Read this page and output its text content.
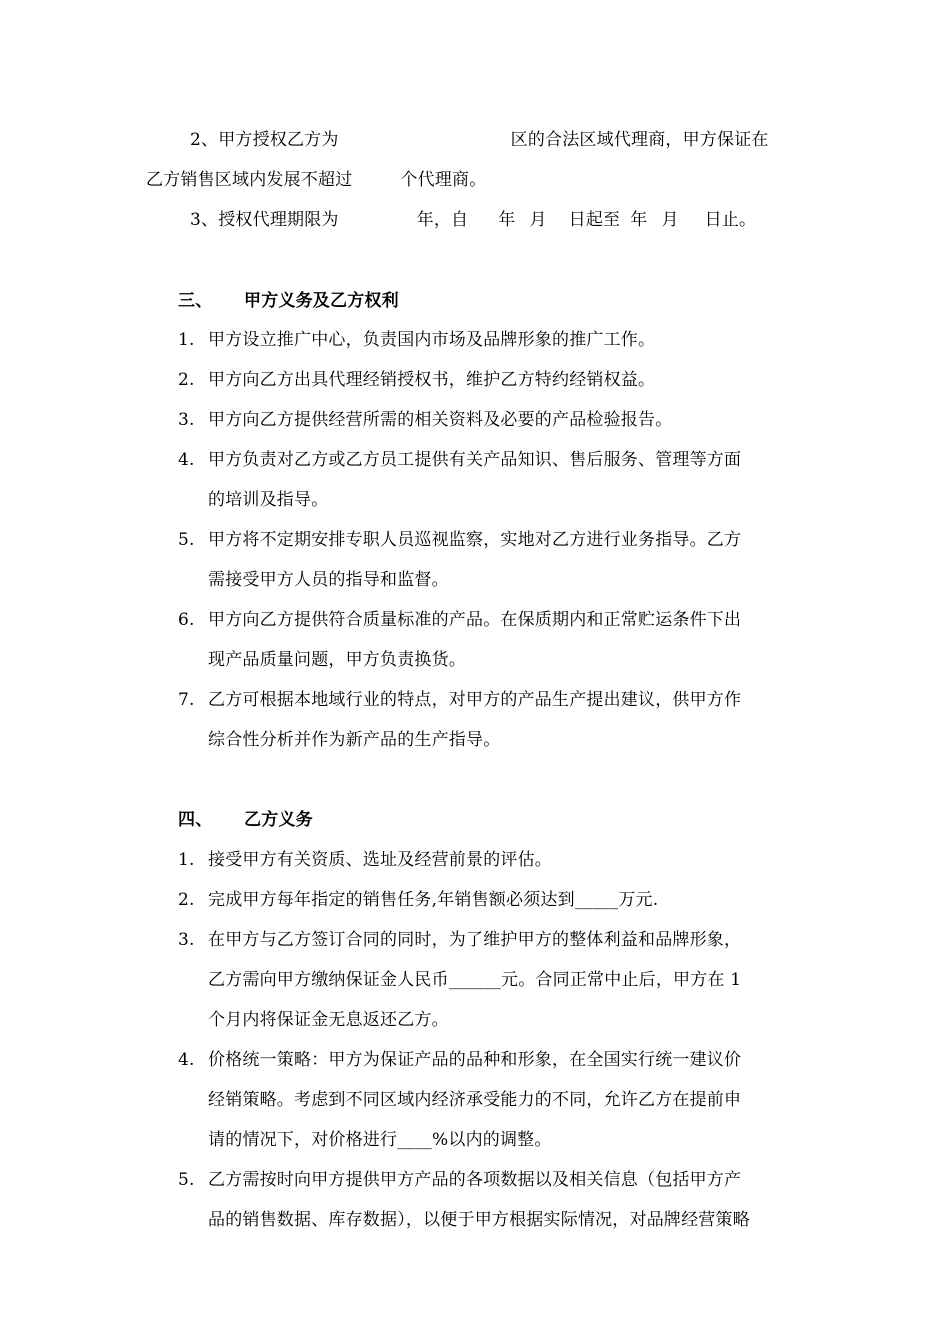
2、甲方授权乙方为	区的合法区域代理商，甲方保证在
乙方销售区域内发展不超过	个代理商。
3、授权代理期限为	年，自 年 月 日起至 年 月 日止。
三、 甲方义务及乙方权利
1. 甲方设立推广中心，负责国内市场及品牌形象的推广工作。
2. 甲方向乙方出具代理经销授权书，维护乙方特约经销权益。
3. 甲方向乙方提供经营所需的相关资料及必要的产品检验报告。
4. 甲方负责对乙方或乙方员工提供有关产品知识、售后服务、管理等方面
的培训及指导。
5. 甲方将不定期安排专职人员巡视监察，实地对乙方进行业务指导。乙方
需接受甲方人员的指导和监督。
6. 甲方向乙方提供符合质量标准的产品。在保质期内和正常贮运条件下出
现产品质量问题，甲方负责换货。
7. 乙方可根据本地域行业的特点，对甲方的产品生产提出建议，供甲方作
综合性分析并作为新产品的生产指导。
四、 乙方义务
1. 接受甲方有关资质、选址及经营前景的评估。
2. 完成甲方每年指定的销售任务,年销售额必须达到_____万元.
3. 在甲方与乙方签订合同的同时，为了维护甲方的整体利益和品牌形象，
乙方需向甲方缴纳保证金人民币______元。合同正常中止后，甲方在 1
个月内将保证金无息返还乙方。
4. 价格统一策略：甲方为保证产品的品种和形象，在全国实行统一建议价
经销策略。考虑到不同区域内经济承受能力的不同，允许乙方在提前申
请的情况下，对价格进行____%以内的调整。
5. 乙方需按时向甲方提供甲方产品的各项数据以及相关信息（包括甲方产
品的销售数据、库存数据），以便于甲方根据实际情况，对品牌经营策略
